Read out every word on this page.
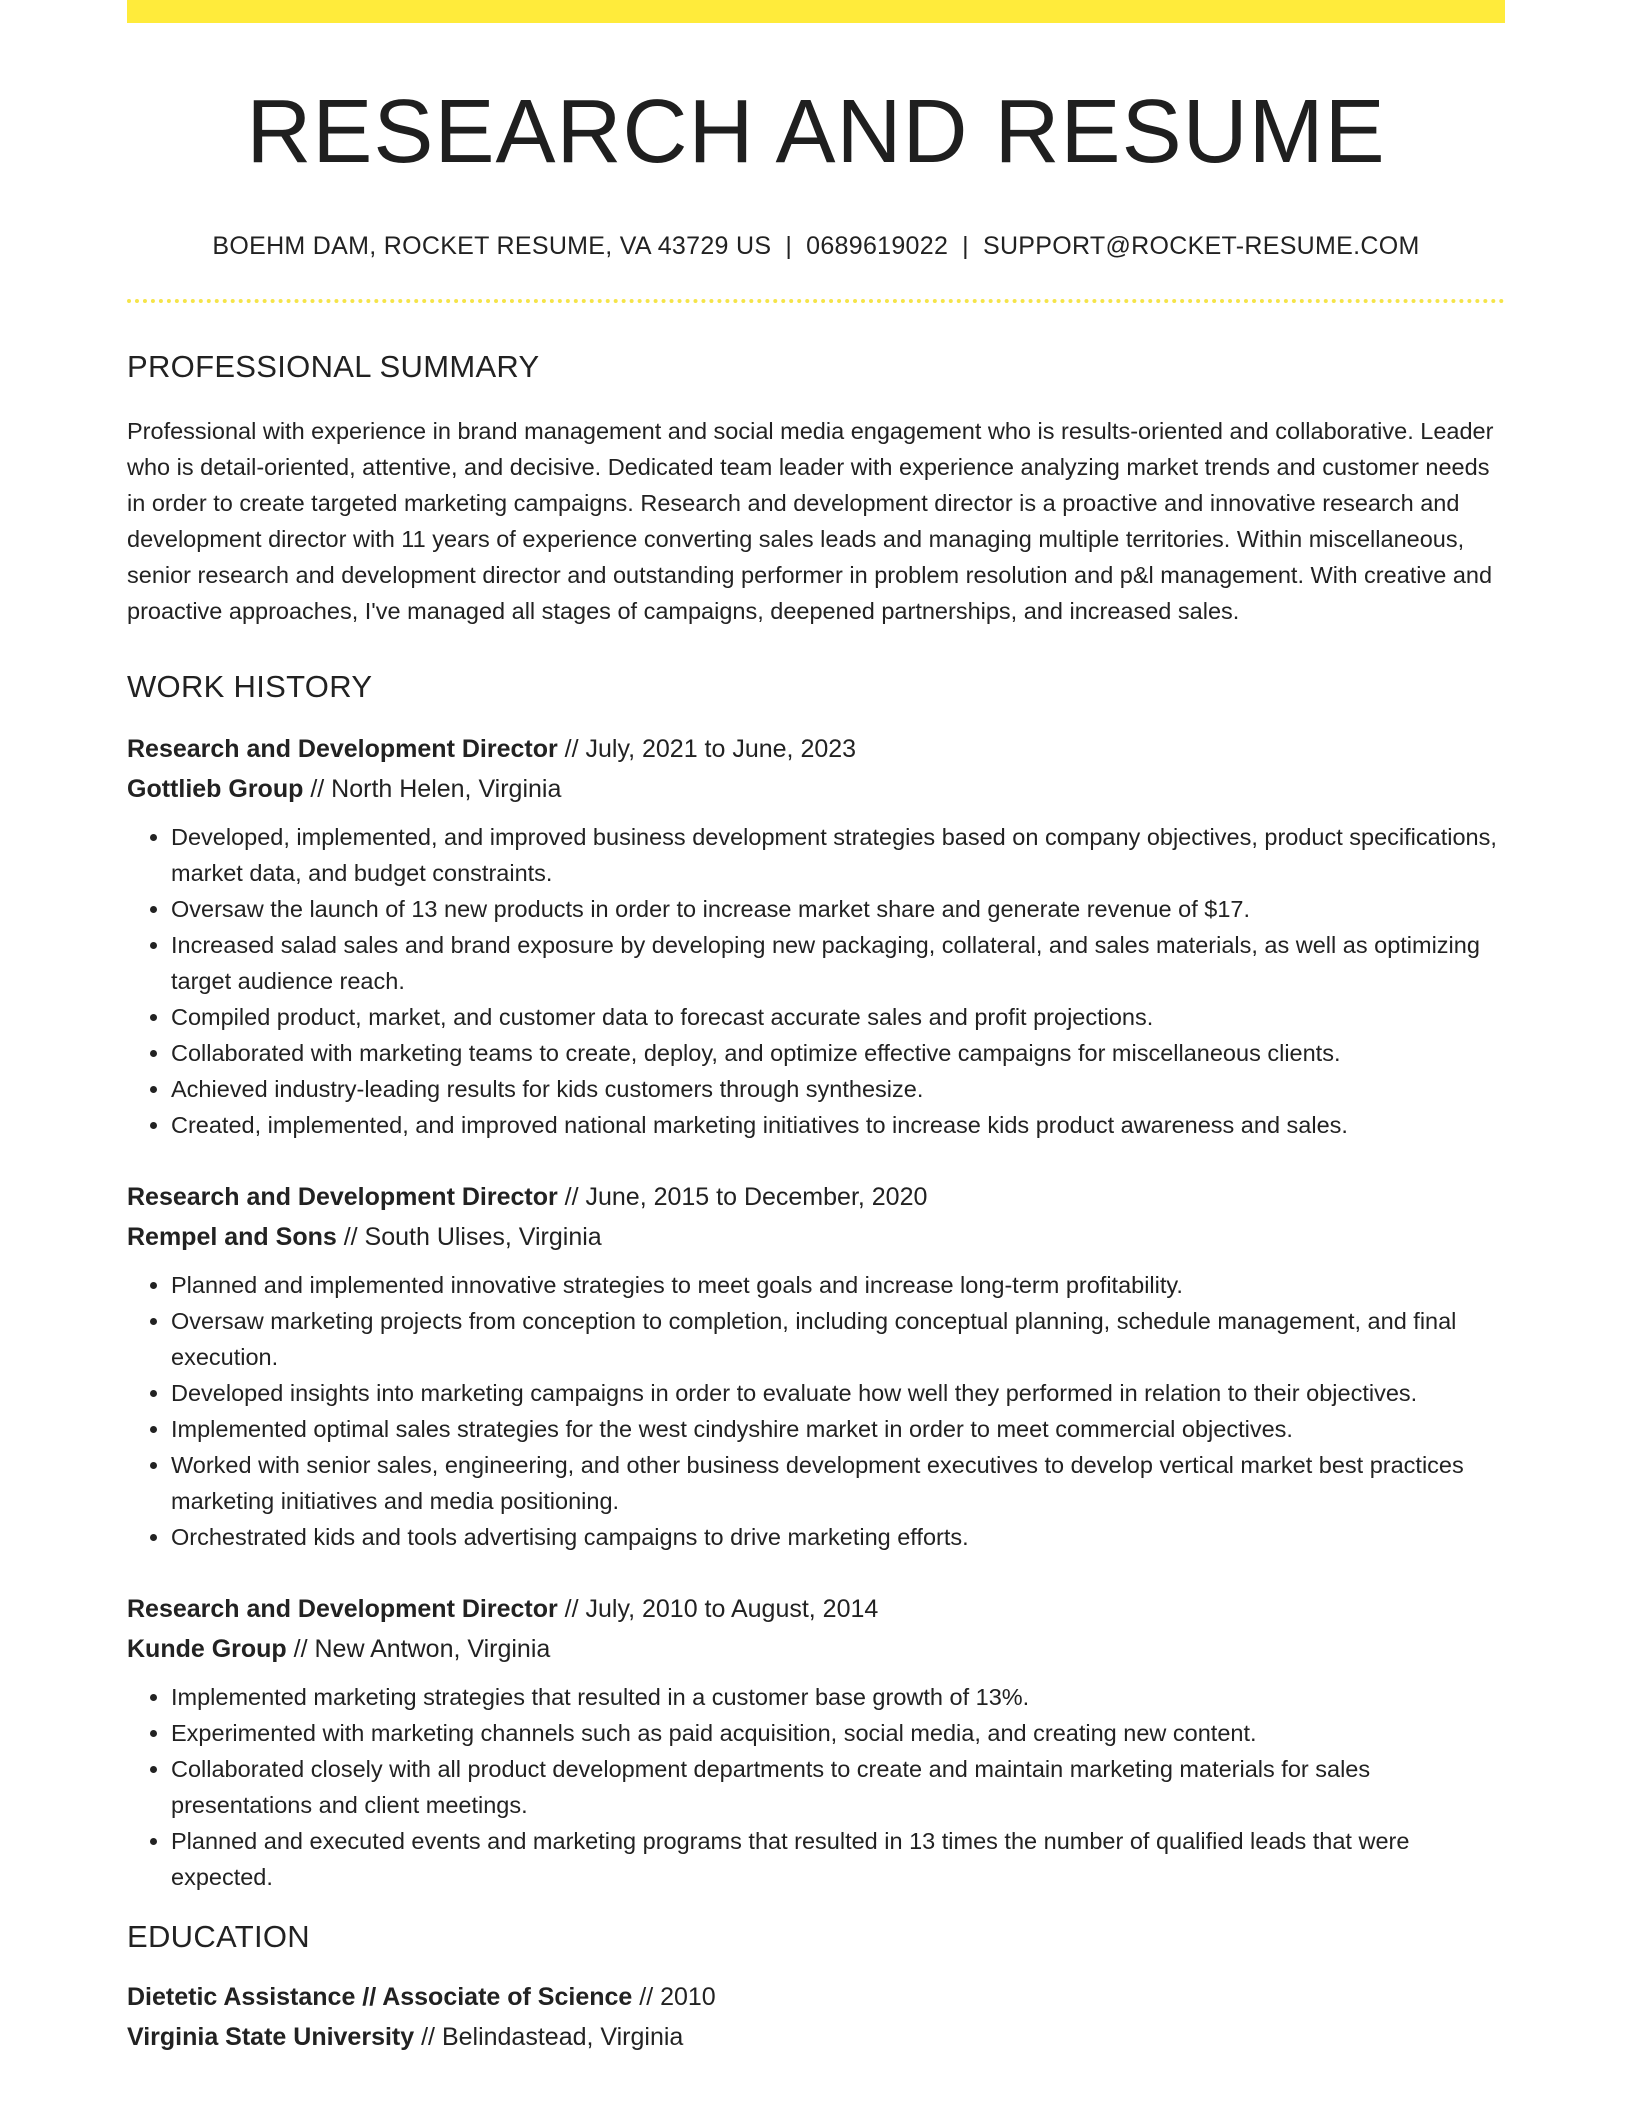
RESEARCH AND RESUME
BOEHM DAM, ROCKET RESUME, VA 43729 US | 0689619022 | SUPPORT@ROCKET-RESUME.COM
PROFESSIONAL SUMMARY
Professional with experience in brand management and social media engagement who is results-oriented and collaborative. Leader who is detail-oriented, attentive, and decisive. Dedicated team leader with experience analyzing market trends and customer needs in order to create targeted marketing campaigns. Research and development director is a proactive and innovative research and development director with 11 years of experience converting sales leads and managing multiple territories. Within miscellaneous, senior research and development director and outstanding performer in problem resolution and p&l management. With creative and proactive approaches, I've managed all stages of campaigns, deepened partnerships, and increased sales.
WORK HISTORY
Research and Development Director // July, 2021 to June, 2023
Gottlieb Group // North Helen, Virginia
• Developed, implemented, and improved business development strategies based on company objectives, product specifications, market data, and budget constraints.
• Oversaw the launch of 13 new products in order to increase market share and generate revenue of $17.
• Increased salad sales and brand exposure by developing new packaging, collateral, and sales materials, as well as optimizing target audience reach.
• Compiled product, market, and customer data to forecast accurate sales and profit projections.
• Collaborated with marketing teams to create, deploy, and optimize effective campaigns for miscellaneous clients.
• Achieved industry-leading results for kids customers through synthesize.
• Created, implemented, and improved national marketing initiatives to increase kids product awareness and sales.
Research and Development Director // June, 2015 to December, 2020
Rempel and Sons // South Ulises, Virginia
• Planned and implemented innovative strategies to meet goals and increase long-term profitability.
• Oversaw marketing projects from conception to completion, including conceptual planning, schedule management, and final execution.
• Developed insights into marketing campaigns in order to evaluate how well they performed in relation to their objectives.
• Implemented optimal sales strategies for the west cindyshire market in order to meet commercial objectives.
• Worked with senior sales, engineering, and other business development executives to develop vertical market best practices marketing initiatives and media positioning.
• Orchestrated kids and tools advertising campaigns to drive marketing efforts.
Research and Development Director // July, 2010 to August, 2014
Kunde Group // New Antwon, Virginia
• Implemented marketing strategies that resulted in a customer base growth of 13%.
• Experimented with marketing channels such as paid acquisition, social media, and creating new content.
• Collaborated closely with all product development departments to create and maintain marketing materials for sales presentations and client meetings.
• Planned and executed events and marketing programs that resulted in 13 times the number of qualified leads that were expected.
EDUCATION
Dietetic Assistance // Associate of Science // 2010
Virginia State University // Belindastead, Virginia
